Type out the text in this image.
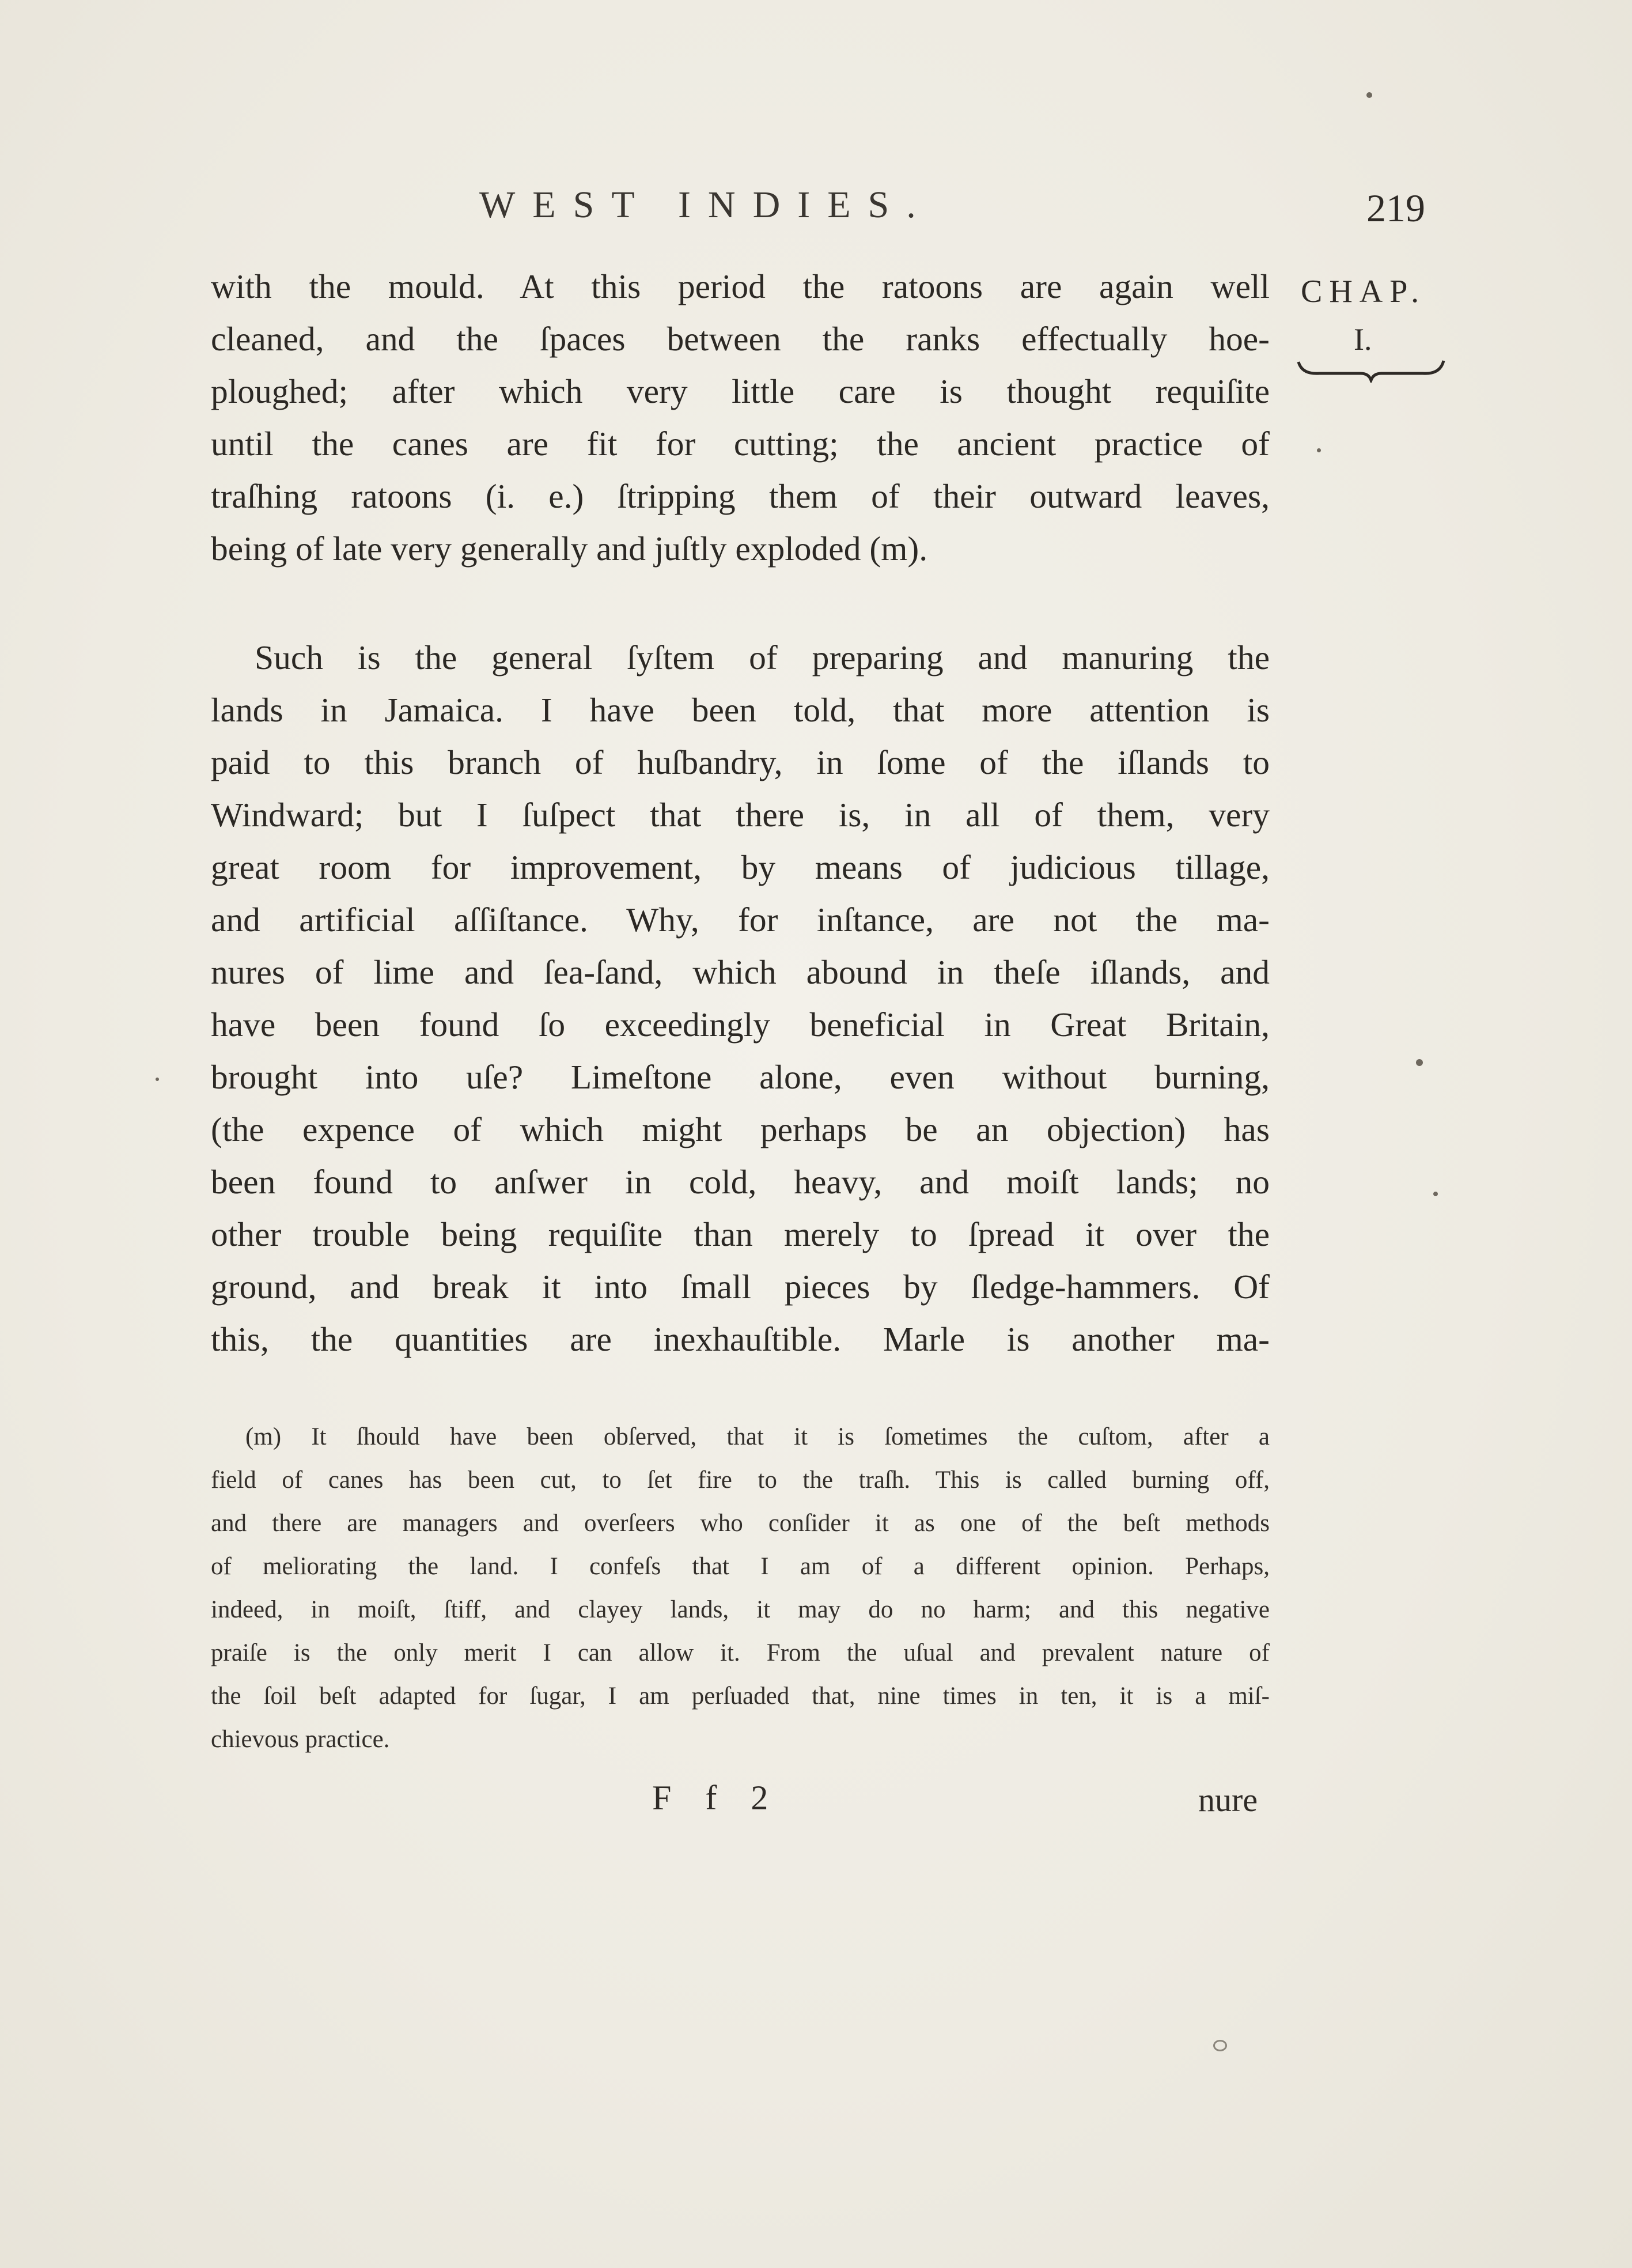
WEST INDIES.	219
CHAP.
I.
with the mould. At this period the ratoons are again well
cleaned, and the ſpaces between the ranks effectually hoe-
ploughed; after which very little care is thought requiſite
until the canes are fit for cutting; the ancient practice of
traſhing ratoons (i. e.) ſtripping them of their outward leaves,
being of late very generally and juſtly exploded (m).
Such is the general ſyſtem of preparing and manuring the
lands in Jamaica. I have been told, that more attention is
paid to this branch of huſbandry, in ſome of the iſlands to
Windward; but I ſuſpect that there is, in all of them, very
great room for improvement, by means of judicious tillage,
and artificial aſſiſtance. Why, for inſtance, are not the ma-
nures of lime and ſea-ſand, which abound in theſe iſlands, and
have been found ſo exceedingly beneficial in Great Britain,
brought into uſe? Limeſtone alone, even without burning,
(the expence of which might perhaps be an objection) has
been found to anſwer in cold, heavy, and moiſt lands; no
other trouble being requiſite than merely to ſpread it over the
ground, and break it into ſmall pieces by ſledge-hammers. Of
this, the quantities are inexhauſtible. Marle is another ma-
(m) It ſhould have been obſerved, that it is ſometimes the cuſtom, after a
field of canes has been cut, to ſet fire to the traſh. This is called burning off,
and there are managers and overſeers who conſider it as one of the beſt methods
of meliorating the land. I confeſs that I am of a different opinion. Perhaps,
indeed, in moiſt, ſtiff, and clayey lands, it may do no harm; and this negative
praiſe is the only merit I can allow it. From the uſual and prevalent nature of
the ſoil beſt adapted for ſugar, I am perſuaded that, nine times in ten, it is a miſ-
chievous practice.
F f 2	nure
